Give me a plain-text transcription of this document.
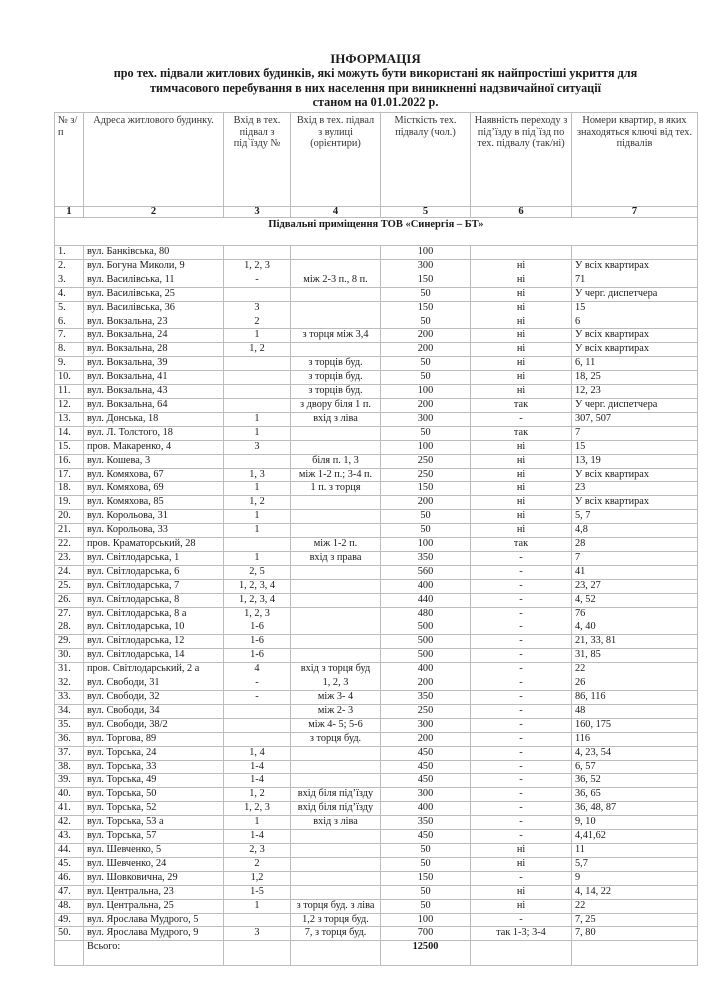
ІНФОРМАЦІЯ
про тех. підвали житлових будинків, які можуть бути використані як найпростіші укриття для
тимчасового перебування в них населення при виникненні надзвичайної ситуації
станом на 01.01.2022 р.
№ з/п	Адреса житлового будинку.	Вхід в тех. підвал з під`їзду №	Вхід в тех. підвал з вулиці (орієнтири)	Місткість тех. підвалу (чол.)	Наявність переходу з під’їзду в під`їзд по тех. підвалу (так/ні)	Номери квартир, в яких знаходяться ключі від тех. підвалів
1	2	3	4	5	6	7
Підвальні приміщення ТОВ «Синергія – БТ»						
1.	вул. Банківська, 80			100		
2.	вул. Богуна Миколи, 9	1, 2, 3		300	ні	У всіх квартирах
3.	вул. Василівська, 11	-	між 2-3 п., 8 п.	150	ні	71
4.	вул. Василівська, 25			50	ні	У черг. диспетчера
5.	вул. Василівська, 36	3		150	ні	15
6.	вул. Вокзальна, 23	2		50	ні	6
7.	вул. Вокзальна, 24	1	з торця між 3,4	200	ні	У всіх квартирах
8.	вул. Вокзальна, 28	1, 2		200	ні	У всіх квартирах
9.	вул. Вокзальна, 39		з торців буд.	50	ні	6, 11
10.	вул. Вокзальна, 41		з торців буд.	50	ні	18, 25
11.	вул. Вокзальна, 43		з торців буд.	100	ні	12, 23
12.	вул. Вокзальна, 64		з двору біля 1 п.	200	так	У черг. диспетчера
13.	вул. Донська, 18	1	вхід з ліва	300	-	307, 507
14.	вул. Л. Толстого, 18	1		50	так	7
15.	пров. Макаренко, 4	3		100	ні	15
16.	вул. Кошева, 3		біля п. 1, 3	250	ні	13, 19
17.	вул. Комяхова, 67	1, 3	між 1-2 п.; 3-4 п.	250	ні	У всіх квартирах
18.	вул. Комяхова, 69	1	1 п. з торця	150	ні	23
19.	вул. Комяхова, 85	1, 2		200	ні	У всіх квартирах
20.	вул. Корольова, 31	1		50	ні	5, 7
21.	вул. Корольова, 33	1		50	ні	4,8
22.	пров. Краматорський, 28		між 1-2 п.	100	так	28
23.	вул. Світлодарська, 1	1	вхід з права	350	-	7
24.	вул. Світлодарська, 6	2, 5		560	-	41
25.	вул. Світлодарська, 7	1, 2, 3, 4		400	-	23, 27
26.	вул. Світлодарська, 8	1, 2, 3, 4		440	-	4, 52
27.	вул. Світлодарська, 8 а	1, 2, 3		480	-	76
28.	вул. Світлодарська, 10	1-6		500	-	4, 40
29.	вул. Світлодарська, 12	1-6		500	-	21, 33, 81
30.	вул. Світлодарська, 14	1-6		500	-	31, 85
31.	пров. Світлодарський, 2 а	4	вхід з торця буд	400	-	22
32.	вул. Свободи, 31	-	1, 2, 3	200	-	26
33.	вул. Свободи, 32	-	між 3- 4	350	-	86, 116
34.	вул. Свободи, 34		між 2- 3	250	-	48
35.	вул. Свободи, 38/2		між 4- 5; 5-6	300	-	160, 175
36.	вул. Торгова, 89		з торця буд.	200	-	116
37.	вул. Торська, 24	1, 4		450	-	4, 23, 54
38.	вул. Торська, 33	1-4		450	-	6, 57
39.	вул. Торська, 49	1-4		450	-	36, 52
40.	вул. Торська, 50	1, 2	вхід біля під’їзду	300	-	36, 65
41.	вул. Торська, 52	1, 2, 3	вхід біля під’їзду	400	-	36, 48, 87
42.	вул. Торська, 53 а	1	вхід з ліва	350	-	9, 10
43.	вул. Торська, 57	1-4		450	-	4,41,62
44.	вул. Шевченко, 5	2, 3		50	ні	11
45.	вул. Шевченко, 24	2		50	ні	5,7
46.	вул. Шовковична, 29	1,2		150	-	9
47.	вул. Центральна, 23	1-5		50	ні	4, 14, 22
48.	вул. Центральна, 25	1	з торця буд. з ліва	50	ні	22
49.	вул. Ярослава Мудрого, 5		1,2 з торця буд.	100	-	7, 25
50.	вул. Ярослава Мудрого, 9	3	7, з торця буд.	700	так 1-3; 3-4	7, 80
	Всього:			12500		
